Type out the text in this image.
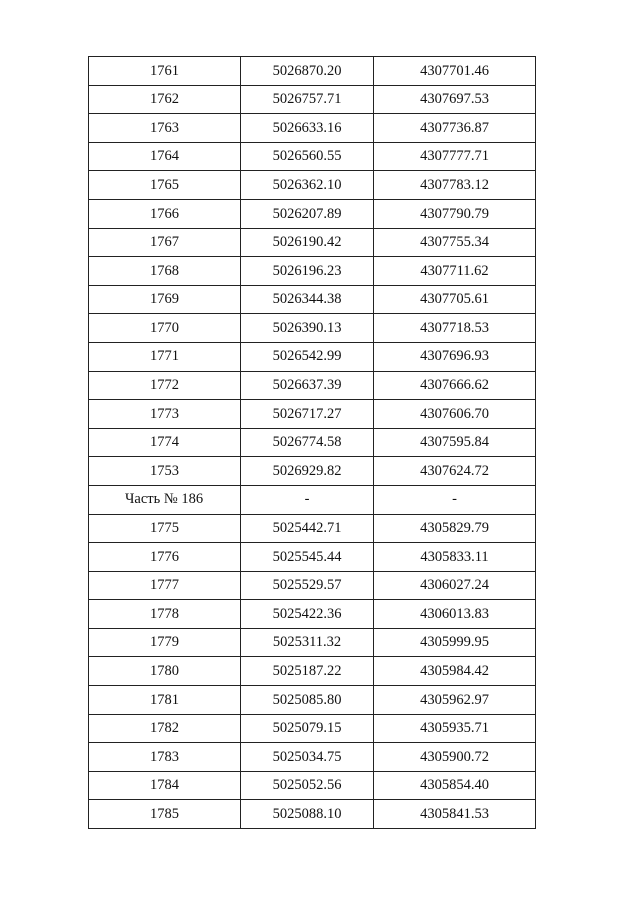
1761	5026870.20	4307701.46
1762	5026757.71	4307697.53
1763	5026633.16	4307736.87
1764	5026560.55	4307777.71
1765	5026362.10	4307783.12
1766	5026207.89	4307790.79
1767	5026190.42	4307755.34
1768	5026196.23	4307711.62
1769	5026344.38	4307705.61
1770	5026390.13	4307718.53
1771	5026542.99	4307696.93
1772	5026637.39	4307666.62
1773	5026717.27	4307606.70
1774	5026774.58	4307595.84
1753	5026929.82	4307624.72
Часть № 186	-	-
1775	5025442.71	4305829.79
1776	5025545.44	4305833.11
1777	5025529.57	4306027.24
1778	5025422.36	4306013.83
1779	5025311.32	4305999.95
1780	5025187.22	4305984.42
1781	5025085.80	4305962.97
1782	5025079.15	4305935.71
1783	5025034.75	4305900.72
1784	5025052.56	4305854.40
1785	5025088.10	4305841.53
